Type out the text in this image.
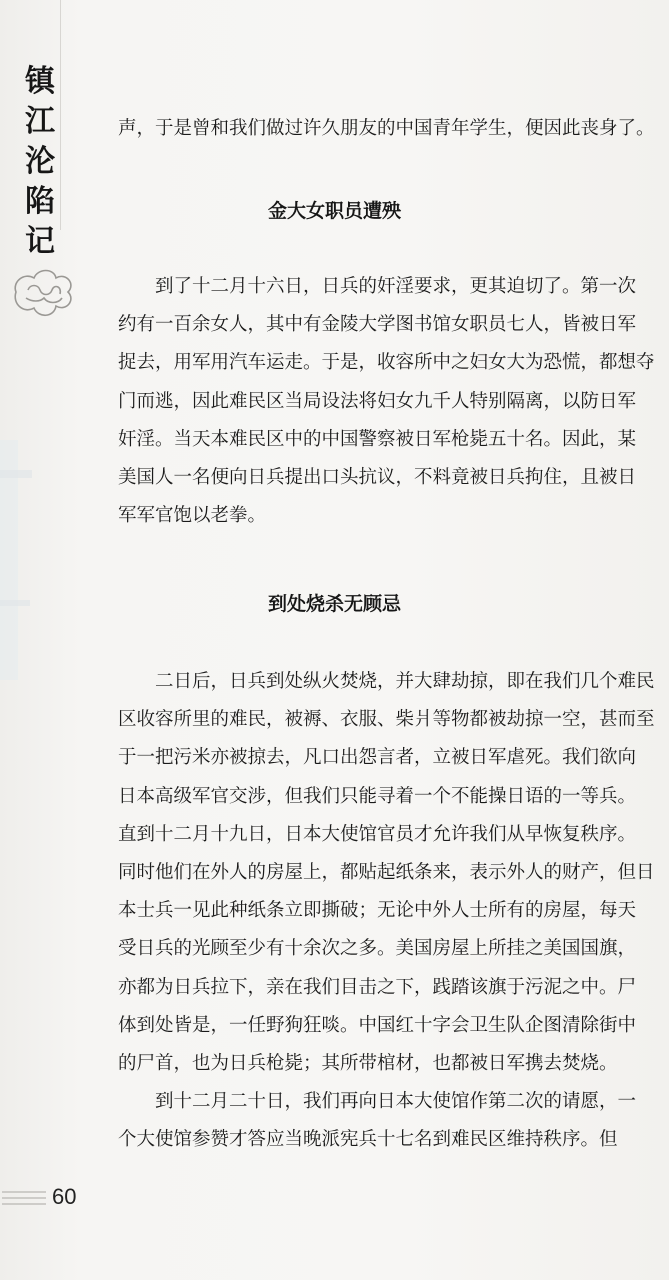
镇
江
沦
陷
记
声，于是曾和我们做过许久朋友的中国青年学生，便因此丧身了。
金大女职员遭殃
到了十二月十六日，日兵的奸淫要求，更其迫切了。第一次
约有一百余女人，其中有金陵大学图书馆女职员七人，皆被日军
捉去，用军用汽车运走。于是，收容所中之妇女大为恐慌，都想夺
门而逃，因此难民区当局设法将妇女九千人特别隔离，以防日军
奸淫。当天本难民区中的中国警察被日军枪毙五十名。因此，某
美国人一名便向日兵提出口头抗议，不料竟被日兵拘住，且被日
军军官饱以老拳。
到处烧杀无顾忌
二日后，日兵到处纵火焚烧，并大肆劫掠，即在我们几个难民
区收容所里的难民，被褥、衣服、柴爿等物都被劫掠一空，甚而至
于一把污米亦被掠去，凡口出怨言者，立被日军虐死。我们欲向
日本高级军官交涉，但我们只能寻着一个不能操日语的一等兵。
直到十二月十九日，日本大使馆官员才允许我们从早恢复秩序。
同时他们在外人的房屋上，都贴起纸条来，表示外人的财产，但日
本士兵一见此种纸条立即撕破；无论中外人士所有的房屋，每天
受日兵的光顾至少有十余次之多。美国房屋上所挂之美国国旗，
亦都为日兵拉下，亲在我们目击之下，践踏该旗于污泥之中。尸
体到处皆是，一任野狗狂啖。中国红十字会卫生队企图清除街中
的尸首，也为日兵枪毙；其所带棺材，也都被日军携去焚烧。
到十二月二十日，我们再向日本大使馆作第二次的请愿，一
个大使馆参赞才答应当晚派宪兵十七名到难民区维持秩序。但
60
